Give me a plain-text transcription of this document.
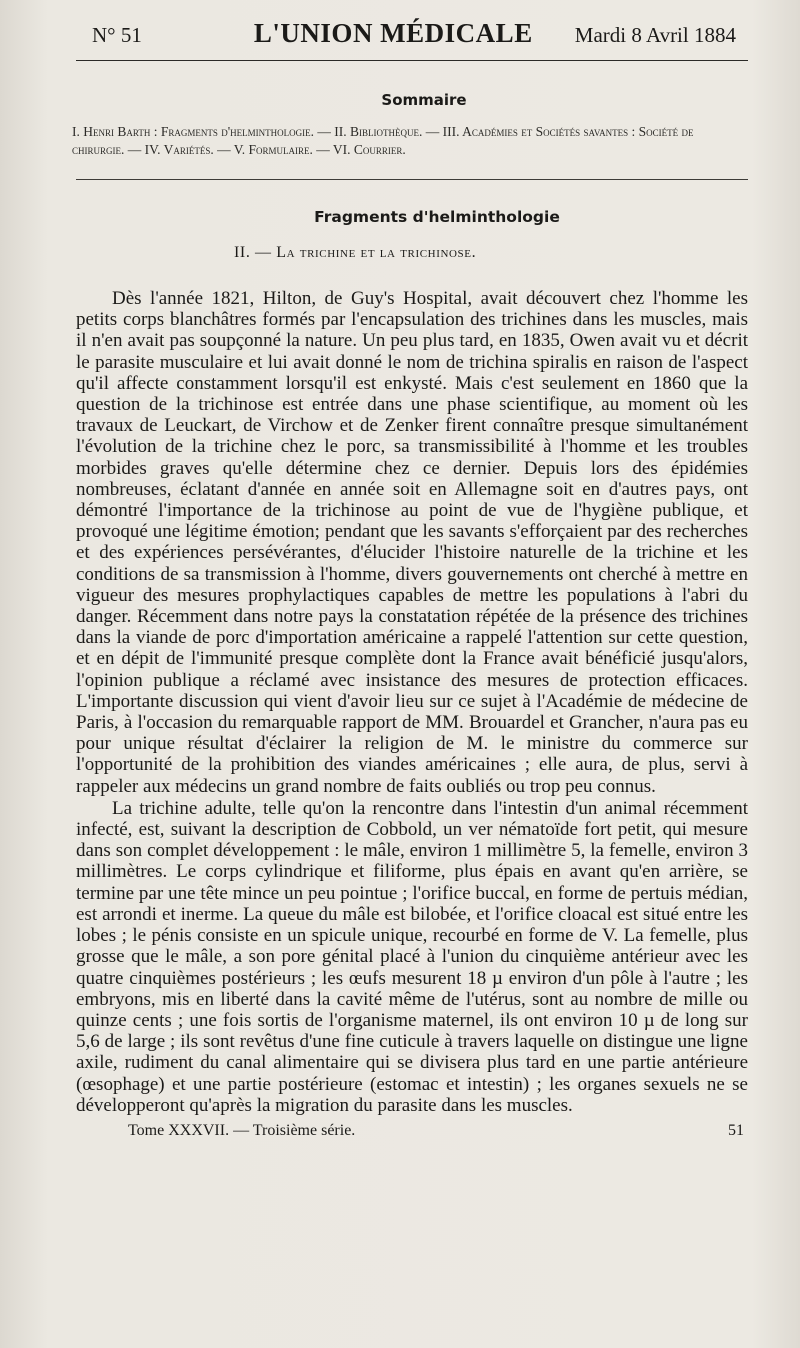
N° 51	L'UNION MÉDICALE Mardi 8 Avril 1884
Sommaire
I. Henri Barth : Fragments d'helminthologie. — II. Bibliothèque. — III. Académies et Sociétés savantes : Société de chirurgie. — IV. Variétés. — V. Formulaire. — VI. Courrier.
Fragments d'helminthologie
II. — La trichine et la trichinose.

Dès l'année 1821, Hilton, de Guy's Hospital, avait découvert chez l'homme les petits corps blanchâtres formés par l'encapsulation des trichines dans les muscles, mais il n'en avait pas soupçonné la nature. Un peu plus tard, en 1835, Owen avait vu et décrit le parasite musculaire et lui avait donné le nom de trichina spiralis en raison de l'aspect qu'il affecte constamment lorsqu'il est enkysté. Mais c'est seulement en 1860 que la question de la trichinose est entrée dans une phase scientifique, au moment où les travaux de Leuckart, de Virchow et de Zenker firent connaître presque simultanément l'évolution de la trichine chez le porc, sa transmissibilité à l'homme et les troubles morbides graves qu'elle détermine chez ce dernier. Depuis lors des épidémies nombreuses, éclatant d'année en année soit en Allemagne soit en d'autres pays, ont démontré l'importance de la trichinose au point de vue de l'hygiène publique, et provoqué une légitime émotion; pendant que les savants s'efforçaient par des recherches et des expériences persévérantes, d'élucider l'histoire naturelle de la trichine et les conditions de sa transmission à l'homme, divers gouvernements ont cherché à mettre en vigueur des mesures prophylactiques capables de mettre les populations à l'abri du danger. Récemment dans notre pays la constatation répétée de la présence des trichines dans la viande de porc d'importation américaine a rappelé l'attention sur cette question, et en dépit de l'immunité presque complète dont la France avait bénéficié jusqu'alors, l'opinion publique a réclamé avec insistance des mesures de protection efficaces. L'importante discussion qui vient d'avoir lieu sur ce sujet à l'Académie de médecine de Paris, à l'occasion du remarquable rapport de MM. Brouardel et Grancher, n'aura pas eu pour unique résultat d'éclairer la religion de M. le ministre du commerce sur l'opportunité de la prohibition des viandes américaines ; elle aura, de plus, servi à rappeler aux médecins un grand nombre de faits oubliés ou trop peu connus.

La trichine adulte, telle qu'on la rencontre dans l'intestin d'un animal récemment infecté, est, suivant la description de Cobbold, un ver nématoïde fort petit, qui mesure dans son complet développement : le mâle, environ 1 millimètre 5, la femelle, environ 3 millimètres. Le corps cylindrique et filiforme, plus épais en avant qu'en arrière, se termine par une tête mince un peu pointue ; l'orifice buccal, en forme de pertuis médian, est arrondi et inerme. La queue du mâle est bilobée, et l'orifice cloacal est situé entre les lobes ; le pénis consiste en un spicule unique, recourbé en forme de V. La femelle, plus grosse que le mâle, a son pore génital placé à l'union du cinquième antérieur avec les quatre cinquièmes postérieurs ; les œufs mesurent 18 µ environ d'un pôle à l'autre ; les embryons, mis en liberté dans la cavité même de l'utérus, sont au nombre de mille ou quinze cents ; une fois sortis de l'organisme maternel, ils ont environ 10 µ de long sur 5,6 de large ; ils sont revêtus d'une fine cuticule à travers laquelle on distingue une ligne axile, rudiment du canal alimentaire qui se divisera plus tard en une partie antérieure (œsophage) et une partie postérieure (estomac et intestin) ; les organes sexuels ne se développeront qu'après la migration du parasite dans les muscles.

Tome XXXVII. — Troisième série.	51
